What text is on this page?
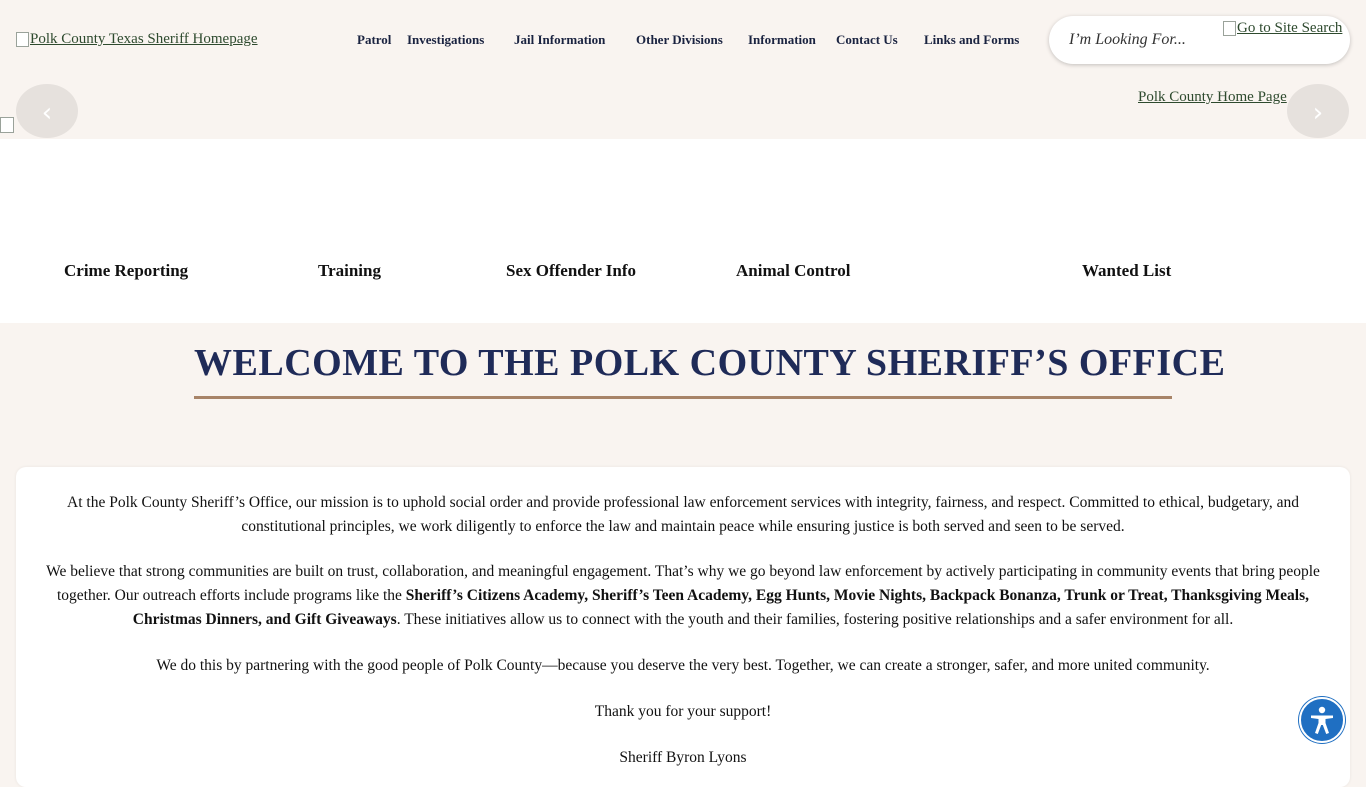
Polk County Texas Sheriff Homepage	Patrol Investigations Jail Information Other Divisions Information Contact Us Links and Forms
I’m Looking For...
Go to Site Search
Polk County Home Page
‹	›
Crime Reporting	Training	Sex Offender Info	Animal Control	Wanted List
WELCOME TO THE POLK COUNTY SHERIFF’S OFFICE

At the Polk County Sheriff’s Office, our mission is to uphold social order and provide professional law enforcement services with integrity, fairness, and respect. Committed to ethical, budgetary, and constitutional principles, we work diligently to enforce the law and maintain peace while ensuring justice is both served and seen to be served.

We believe that strong communities are built on trust, collaboration, and meaningful engagement. That’s why we go beyond law enforcement by actively participating in community events that bring people together. Our outreach efforts include programs like the Sheriff’s Citizens Academy, Sheriff’s Teen Academy, Egg Hunts, Movie Nights, Backpack Bonanza, Trunk or Treat, Thanksgiving Meals, Christmas Dinners, and Gift Giveaways. These initiatives allow us to connect with the youth and their families, fostering positive relationships and a safer environment for all.

We do this by partnering with the good people of Polk County—because you deserve the very best. Together, we can create a stronger, safer, and more united community.

Thank you for your support!

Sheriff Byron Lyons
